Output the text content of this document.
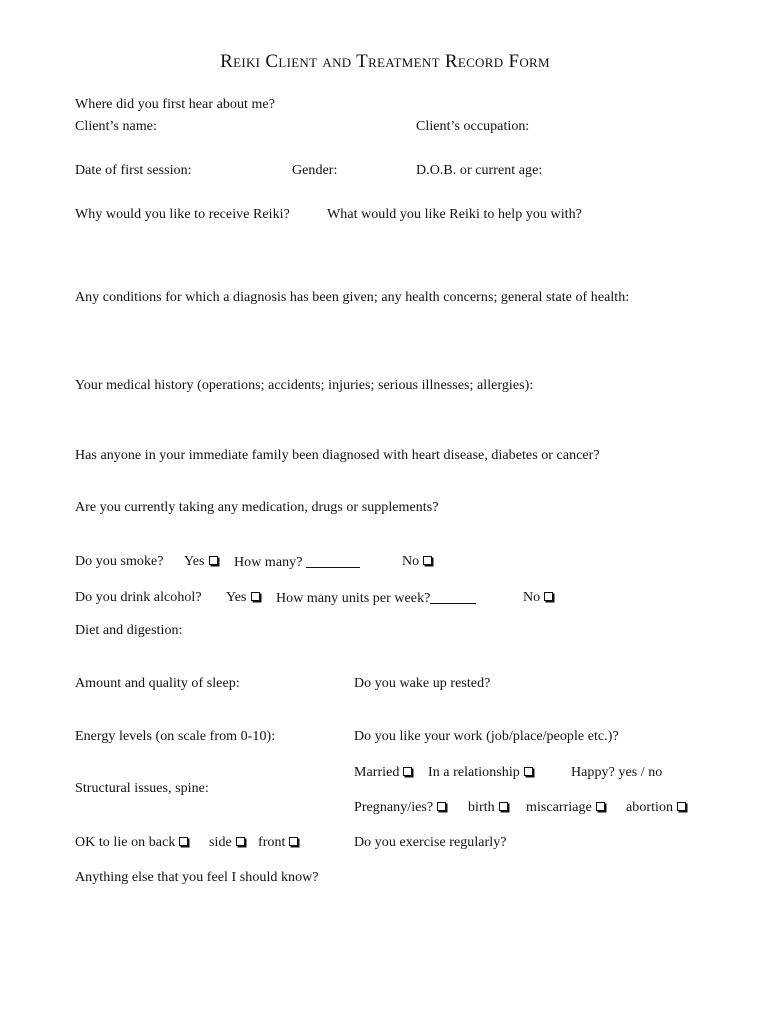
Reiki Client and Treatment Record Form
Where did you first hear about me?
Client’s name:	Client’s occupation:
Date of first session:	Gender:	D.O.B. or current age:
Why would you like to receive Reiki?	What would you like Reiki to help you with?
Any conditions for which a diagnosis has been given; any health concerns; general state of health:
Your medical history (operations; accidents; injuries; serious illnesses; allergies):
Has anyone in your immediate family been diagnosed with heart disease, diabetes or cancer?
Are you currently taking any medication, drugs or supplements?
Do you smoke? Yes	How many?	No
Do you drink alcohol? Yes	How many units per week?	No
Diet and digestion:
Amount and quality of sleep:	Do you wake up rested?
Energy levels (on scale from 0-10):	Do you like your work (job/place/people etc.)?
Married	In a relationship	Happy? yes / no
Structural issues, spine:
Pregnany/ies?	birth	miscarriage	abortion
OK to lie on back	side	front	Do you exercise regularly?
Anything else that you feel I should know?
